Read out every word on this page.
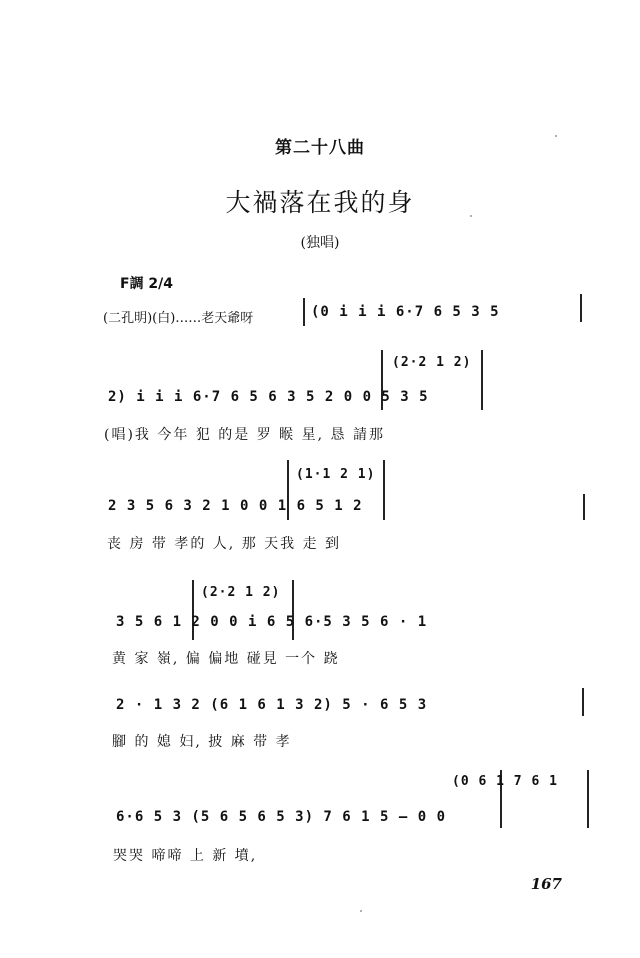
第二十八曲
大禍落在我的身
(独唱)
F調 2/4
(二孔明)(白)……老天爺呀	(0 i i i 6·7 6 5 3 5
(2·2 1 2)
2) i i i 6·7 6 5 6 3 5 2 0 0 5 3 5
(唱)我 今年 犯 的是 罗 睺 星, 恳 請那
(1·1 2 1)
2 3 5 6 3 2 1 0 0 1 6 5 1 2
丧 房 带 孝的 人, 那 天我 走 到
(2·2 1 2)
3 5 6 1 2 0 0 i 6 5 6·5 3 5 6 · 1
黄 家 嶺, 偏 偏地 碰見 一个 跷
2 · 1 3 2 (6 1 6 1 3 2) 5 · 6 5 3
腳 的 媳 妇, 披 麻 带 孝
(0 6 1 7 6 1
6·6 5 3 (5 6 5 6 5 3) 7 6 1 5 — 0 0
哭哭 啼啼 上 新 墳,
167
